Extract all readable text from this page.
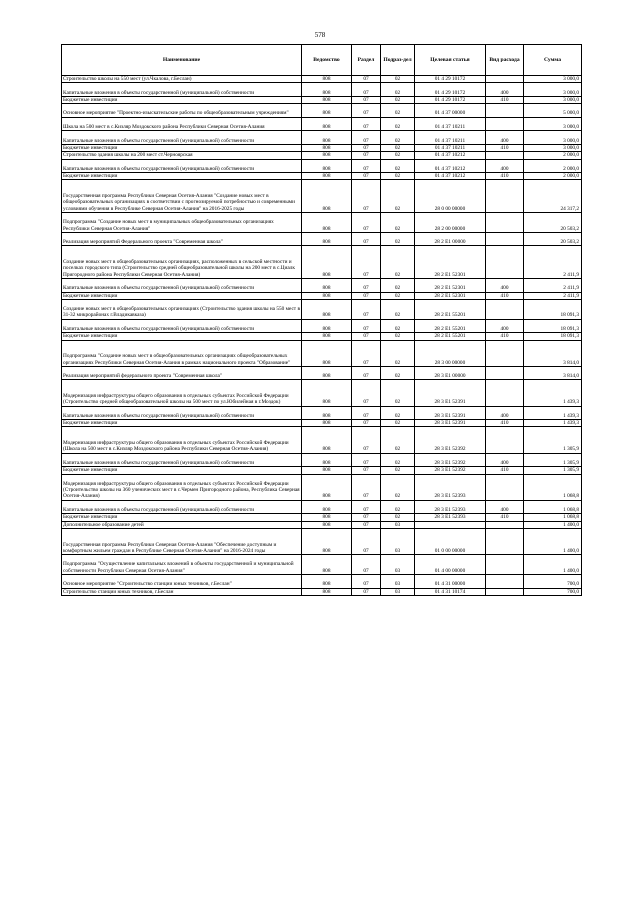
578
Наименование	Ведомство	Раздел	Подраз-дел	Целевая статья	Вид расхода	Сумма
Строительство школы на 550 мест (ул.Чкалова, г.Беслан)	808	07	02	01 4 29 10172		3 000,0
Капитальные вложения в объекты государственной (муниципальной) собственности	808	07	02	01 4 29 10172	400	3 000,0
Бюджетные инвестиции	808	07	02	01 4 29 10172	410	3 000,0
Основное мероприятие "Проектно-изыскательские работы по общеобразовательным учреждениям"	808	07	02	01 4 37 00000		5 000,0
Школа на 500 мест в с.Кизляр Моздокского района Республики Северная Осетия-Алания	808	07	02	01 4 37 10211		3 000,0
Капитальные вложения в объекты государственной (муниципальной) собственности	808	07	02	01 4 37 10211	400	3 000,0
Бюджетные инвестиции	808	07	02	01 4 37 10211	410	3 000,0
Строительство здания школы на 200 мест ст.Черноярская	808	07	02	01 4 37 10212		2 000,0
Капитальные вложения в объекты государственной (муниципальной) собственности	808	07	02	01 4 37 10212	400	2 000,0
Бюджетные инвестиции	808	07	02	01 4 37 10212	410	2 000,0
Государственная программа Республики Северная Осетия-Алания "Создание новых мест в общеобразовательных организациях в соответствии с прогнозируемой потребностью и современными условиями обучения в Республике Северная Осетия-Алания" на 2016-2025 годы	808	07	02	28 0 00 00000		24 317,2
Подпрограмма "Создание новых мест в муниципальных общеобразовательных организациях Республики Северная Осетия-Алания"	808	07	02	28 2 00 00000		20 503,2
Реализация мероприятий Федерального проекта "Современная школа"	808	07	02	28 2 E1 00000		20 503,2
Создание новых мест в общеобразовательных организациях, расположенных в сельской местности и поселках городского типа (Строительство средней общеобразовательной школы на 200 мест в с.Циалк Пригородного района Республики Северная Осетия-Алания)	808	07	02	28 2 E1 52301		2 411,9
Капитальные вложения в объекты государственной (муниципальной) собственности	808	07	02	28 2 E1 52301	400	2 411,9
Бюджетные инвестиции	808	07	02	28 2 E1 52301	410	2 411,9
Создание новых мест в общеобразовательных организациях (Строительство здания школы на 550 мест в 31-32 микрорайонах г.Владикавказа)	808	07	02	28 2 E1 55201		18 091,3
Капитальные вложения в объекты государственной (муниципальной) собственности	808	07	02	28 2 E1 55201	400	18 091,3
Бюджетные инвестиции	808	07	02	28 2 E1 55201	410	18 091,3
Подпрограмма "Создание новых мест в общеобразовательных организациях общеобразовательных организациях Республики Северная Осетия-Алания в рамках национального проекта "Образование"	808	07	02	28 3 00 00000		3 814,0
Реализация мероприятий федерального проекта "Современная школа"	808	07	02	28 3 E1 00000		3 814,0
Модернизация инфраструктуры общего образования в отдельных субъектах Российской Федерации (Строительство средней общеобразовательной школы на 500 мест по ул.Юбилейная в г.Моздок)	808	07	02	28 3 E1 52391		1 439,3
Капитальные вложения в объекты государственной (муниципальной) собственности	808	07	02	28 3 E1 52391	400	1 439,3
Бюджетные инвестиции	808	07	02	28 3 E1 52391	410	1 439,3
Модернизация инфраструктуры общего образования в отдельных субъектах Российской Федерации (Школа на 500 мест в с.Кизляр Моздокского района Республики Северная Осетия-Алания)	808	07	02	28 3 E1 52392		1 305,9
Капитальные вложения в объекты государственной (муниципальной) собственности	808	07	02	28 3 E1 52392	400	1 305,9
Бюджетные инвестиции	808	07	02	28 3 E1 52392	410	1 305,9
Модернизация инфраструктуры общего образования в отдельных субъектах Российской Федерации (Строительство школы на 360 ученических мест в с.Чермен Пригородного района, Республика Северная Осетия-Алания)	808	07	02	28 3 E1 52393		1 068,8
Капитальные вложения в объекты государственной (муниципальной) собственности	808	07	02	28 3 E1 52393	400	1 068,8
Бюджетные инвестиции	808	07	02	28 3 E1 52393	410	1 068,8
Дополнительное образование детей	808	07	03			1 400,0
Государственная программа Республики Северная Осетия-Алания "Обеспечение доступным и комфортным жильем граждан в Республике Северная Осетия-Алания" на 2016-2024 годы	808	07	03	01 0 00 00000		1 400,0
Подпрограмма "Осуществление капитальных вложений в объекты государственной и муниципальной собственности Республики Северная Осетия-Алания"	808	07	03	01 4 00 00000		1 400,0
Основное мероприятие "Строительство станции юных техников, г.Беслан"	808	07	03	01 4 31 00000		700,0
Строительство станции юных техников, г.Беслан	808	07	03	01 4 31 10174		700,0
